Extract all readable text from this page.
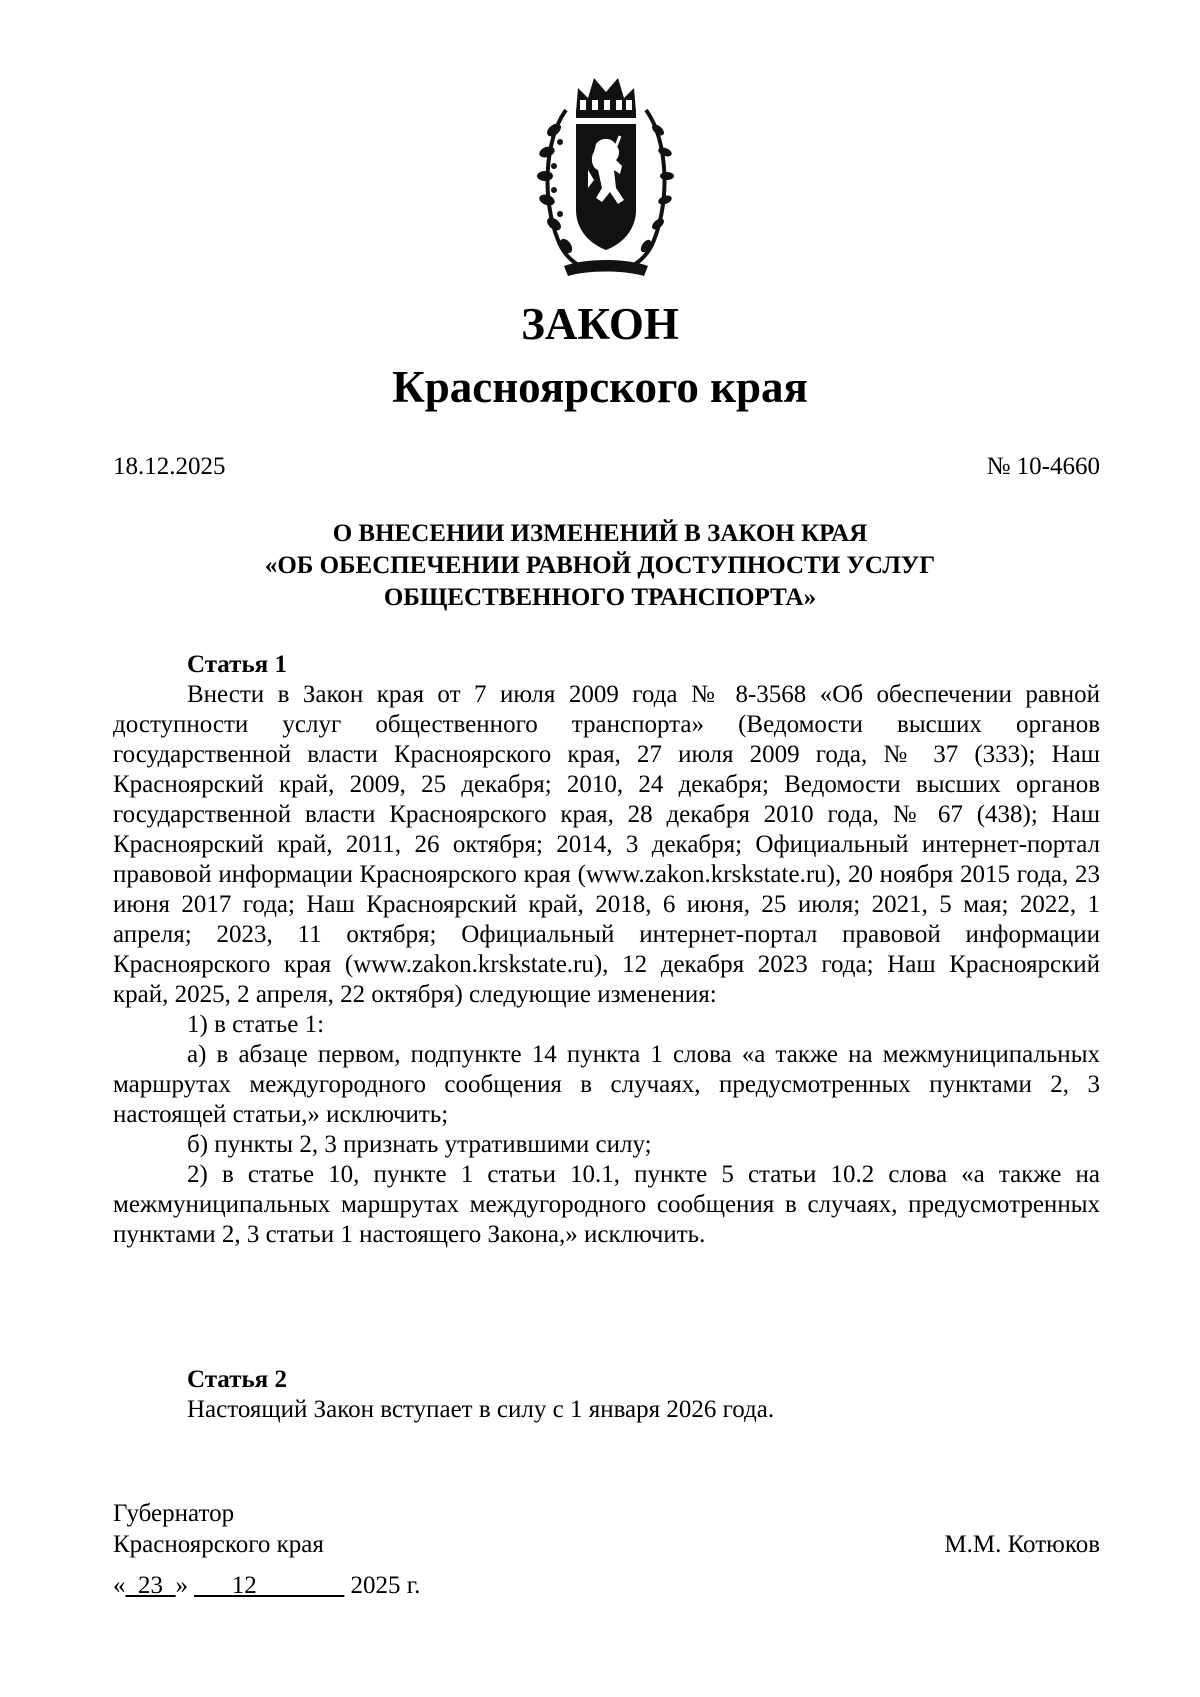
ЗАКОН
Красноярского края
18.12.2025	№ 10-4660
О ВНЕСЕНИИ ИЗМЕНЕНИЙ В ЗАКОН КРАЯ
«ОБ ОБЕСПЕЧЕНИИ РАВНОЙ ДОСТУПНОСТИ УСЛУГ
ОБЩЕСТВЕННОГО ТРАНСПОРТА»
Статья 1

Внести в Закон края от 7 июля 2009 года № 8-3568 «Об обеспечении равной доступности услуг общественного транспорта» (Ведомости высших органов государственной власти Красноярского края, 27 июля 2009 года, № 37 (333); Наш Красноярский край, 2009, 25 декабря; 2010, 24 декабря; Ведомости высших органов государственной власти Красноярского края, 28 декабря 2010 года, № 67 (438); Наш Красноярский край, 2011, 26 октября; 2014, 3 декабря; Официальный интернет-портал правовой информации Красноярского края (www.zakon.krskstate.ru), 20 ноября 2015 года, 23 июня 2017 года; Наш Красноярский край, 2018, 6 июня, 25 июля; 2021, 5 мая; 2022, 1 апреля; 2023, 11 октября; Официальный интернет-портал правовой информации Красноярского края (www.zakon.krskstate.ru), 12 декабря 2023 года; Наш Красноярский край, 2025, 2 апреля, 22 октября) следующие изменения:

1) в статье 1:

а) в абзаце первом, подпункте 14 пункта 1 слова «а также на межмуниципальных маршрутах междугородного сообщения в случаях, предусмотренных пунктами 2, 3 настоящей статьи,» исключить;

б) пункты 2, 3 признать утратившими силу;

2) в статье 10, пункте 1 статьи 10.1, пункте 5 статьи 10.2 слова «а также на межмуниципальных маршрутах междугородного сообщения в случаях, предусмотренных пунктами 2, 3 статьи 1 настоящего Закона,» исключить.

Статья 2

Настоящий Закон вступает в силу с 1 января 2026 года.

Губернатор
Красноярского края	М.М. Котюков
«_23_» ___12_______ 2025 г.
